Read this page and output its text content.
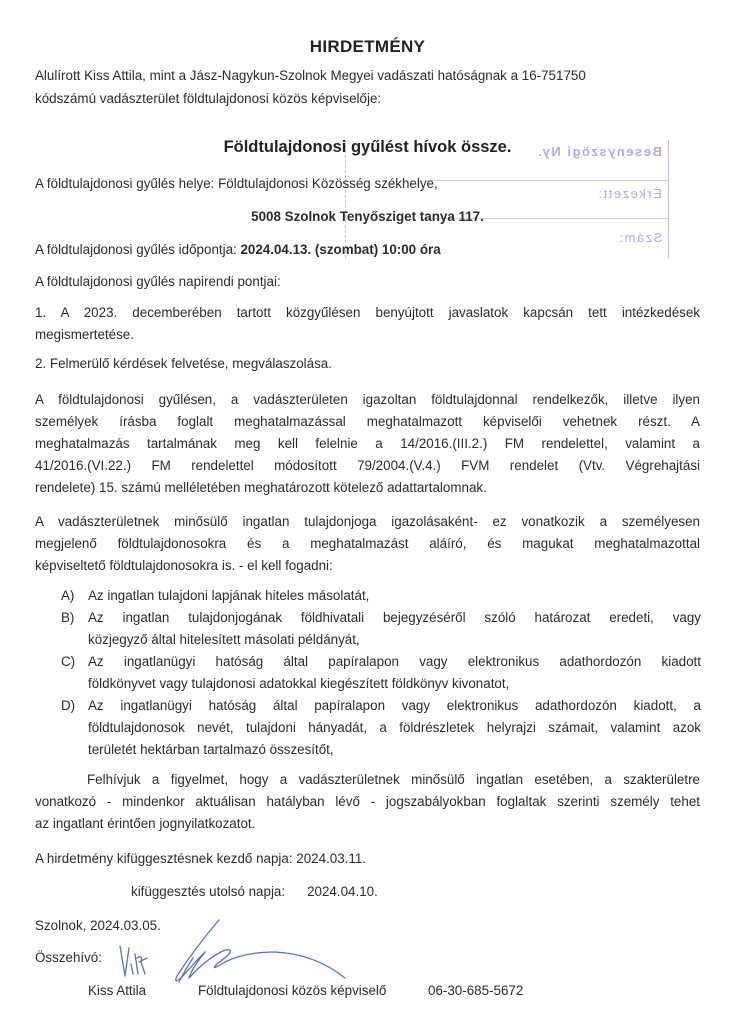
HIRDETMÉNY
Alulírott Kiss Attila, mint a Jász-Nagykun-Szolnok Megyei vadászati hatóságnak a 16-751750
kódszámú vadászterület földtulajdonosi közös képviselője:
Besenyszögi Ny.
Érkezett:
Szám:
Földtulajdonosi gyűlést hívok össze.
A földtulajdonosi gyűlés helye: Földtulajdonosi Közösség székhelye,
5008 Szolnok Tenyősziget tanya 117.
A földtulajdonosi gyűlés időpontja: 2024.04.13. (szombat) 10:00 óra
A földtulajdonosi gyűlés napirendi pontjai:
1. A 2023. decemberében tartott közgyűlésen benyújtott javaslatok kapcsán tett intézkedések
megismertetése.
2. Felmerülő kérdések felvetése, megválaszolása.
A földtulajdonosi gyűlésen, a vadászterületen igazoltan földtulajdonnal rendelkezők, illetve ilyen
személyek írásba foglalt meghatalmazással meghatalmazott képviselői vehetnek részt. A
meghatalmazás tartalmának meg kell felelnie a 14/2016.(III.2.) FM rendelettel, valamint a
41/2016.(VI.22.) FM rendelettel módosított 79/2004.(V.4.) FVM rendelet (Vtv. Végrehajtási
rendelete) 15. számú melléletében meghatározott kötelező adattartalomnak.
A vadászterületnek minősülő ingatlan tulajdonjoga igazolásaként- ez vonatkozik a személyesen
megjelenő földtulajdonosokra és a meghatalmazást aláíró, és magukat meghatalmazottal
képviseltető földtulajdonosokra is. - el kell fogadni:
A) Az ingatlan tulajdoni lapjának hiteles másolatát,
B) Az ingatlan tulajdonjogának földhivatali bejegyzéséről szóló határozat eredeti, vagy
közjegyző által hitelesített másolati példányát,
C) Az ingatlanügyi hatóság által papíralapon vagy elektronikus adathordozón kiadott
földkönyvet vagy tulajdonosi adatokkal kiegészített földkönyv kivonatot,
D) Az ingatlanügyi hatóság által papíralapon vagy elektronikus adathordozón kiadott, a
földtulajdonosok nevét, tulajdoni hányadát, a földrészletek helyrajzi számait, valamint azok
területét hektárban tartalmazó összesítőt,
Felhívjuk a figyelmet, hogy a vadászterületnek minősülő ingatlan esetében, a szakterületre
vonatkozó - mindenkor aktuálisan hatályban lévő - jogszabályokban foglaltak szerinti személy tehet
az ingatlant érintően jognyilatkozatot.
A hirdetmény kifüggesztésnek kezdő napja: 2024.03.11.
kifüggesztés utolsó napja: 2024.04.10.
Szolnok, 2024.03.05.
Összehívó:
Kiss Attila	Földtulajdonosi közös képviselő	06-30-685-5672
